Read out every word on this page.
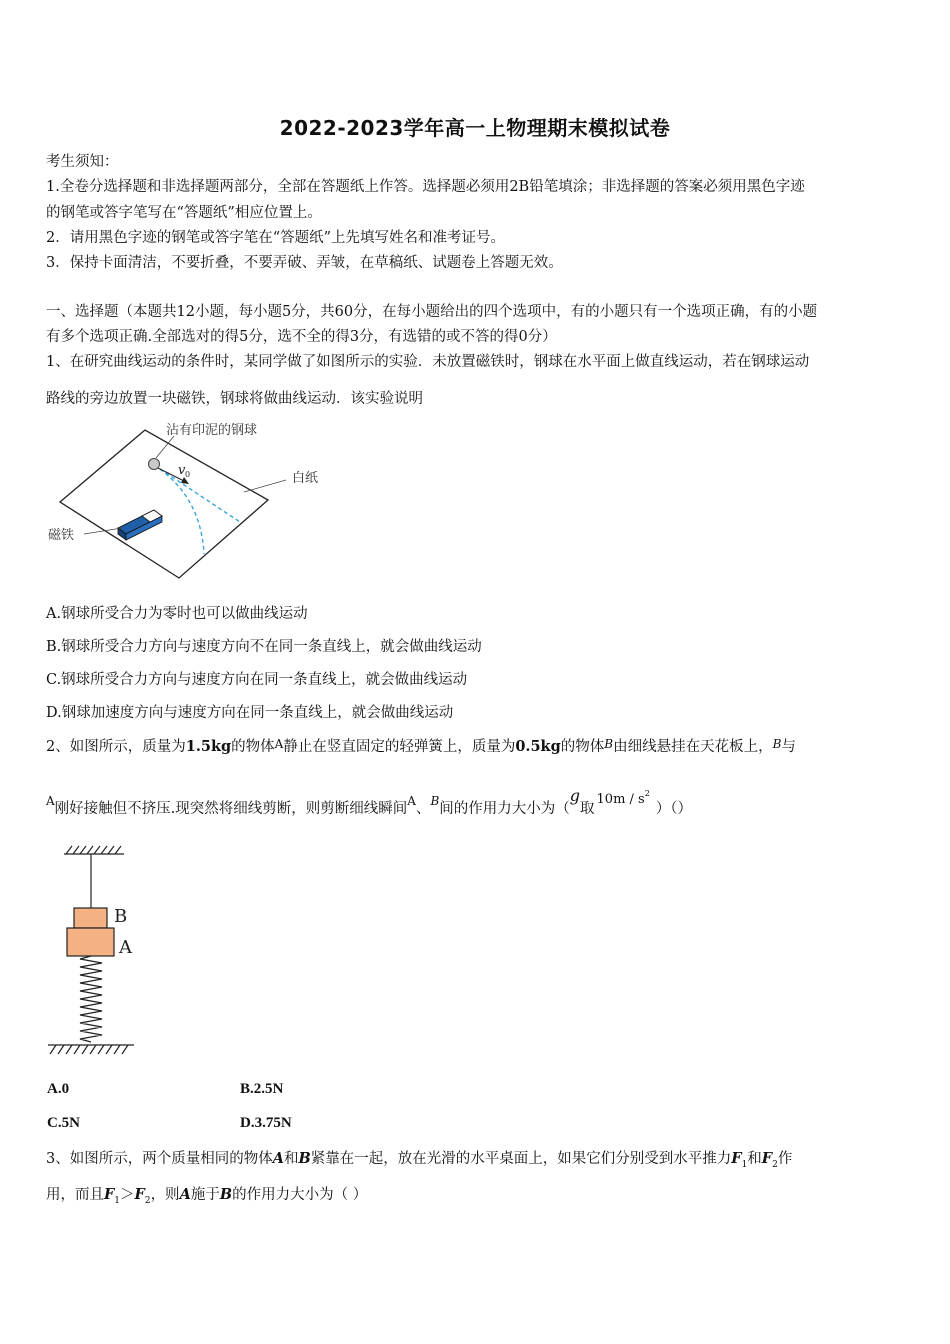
2022-2023学年高一上物理期末模拟试卷
考生须知：
1.全卷分选择题和非选择题两部分，全部在答题纸上作答。选择题必须用2B铅笔填涂；非选择题的答案必须用黑色字迹
的钢笔或答字笔写在“答题纸”相应位置上。
2．请用黑色字迹的钢笔或答字笔在“答题纸”上先填写姓名和准考证号。
3．保持卡面清洁，不要折叠，不要弄破、弄皱，在草稿纸、试题卷上答题无效。
一、选择题（本题共12小题，每小题5分，共60分，在每小题给出的四个选项中，有的小题只有一个选项正确，有的小题
有多个选项正确.全部选对的得5分，选不全的得3分，有选错的或不答的得0分）
1、在研究曲线运动的条件时，某同学做了如图所示的实验．未放置磁铁时，钢球在水平面上做直线运动，若在钢球运动
路线的旁边放置一块磁铁，钢球将做曲线运动．该实验说明
沾有印泥的钢球
v 0	白纸
磁铁
A.钢球所受合力为零时也可以做曲线运动
B.钢球所受合力方向与速度方向不在同一条直线上，就会做曲线运动
C.钢球所受合力方向与速度方向在同一条直线上，就会做曲线运动
D.钢球加速度方向与速度方向在同一条直线上，就会做曲线运动
2、如图所示，质量为1.5kg的物体$^A$静止在竖直固定的轻弹簧上，质量为0.5kg的物体$^B$由细线悬挂在天花板上，$^B$与
$^A$刚好接触但不挤压.现突然将细线剪断，则剪断细线瞬间$^A$、$^B$间的作用力大小为（g取$10m / s^2)()$
B
A
A.0	B.2.5N
C.5N	D.3.75N
3、如图所示，两个质量相同的物体A和B紧靠在一起，放在光滑的水平桌面上，如果它们分别受到水平推力$F_1$和$F_2$作
用，而且$F_1>F_2$，则A施于B的作用力大小为（ ）
